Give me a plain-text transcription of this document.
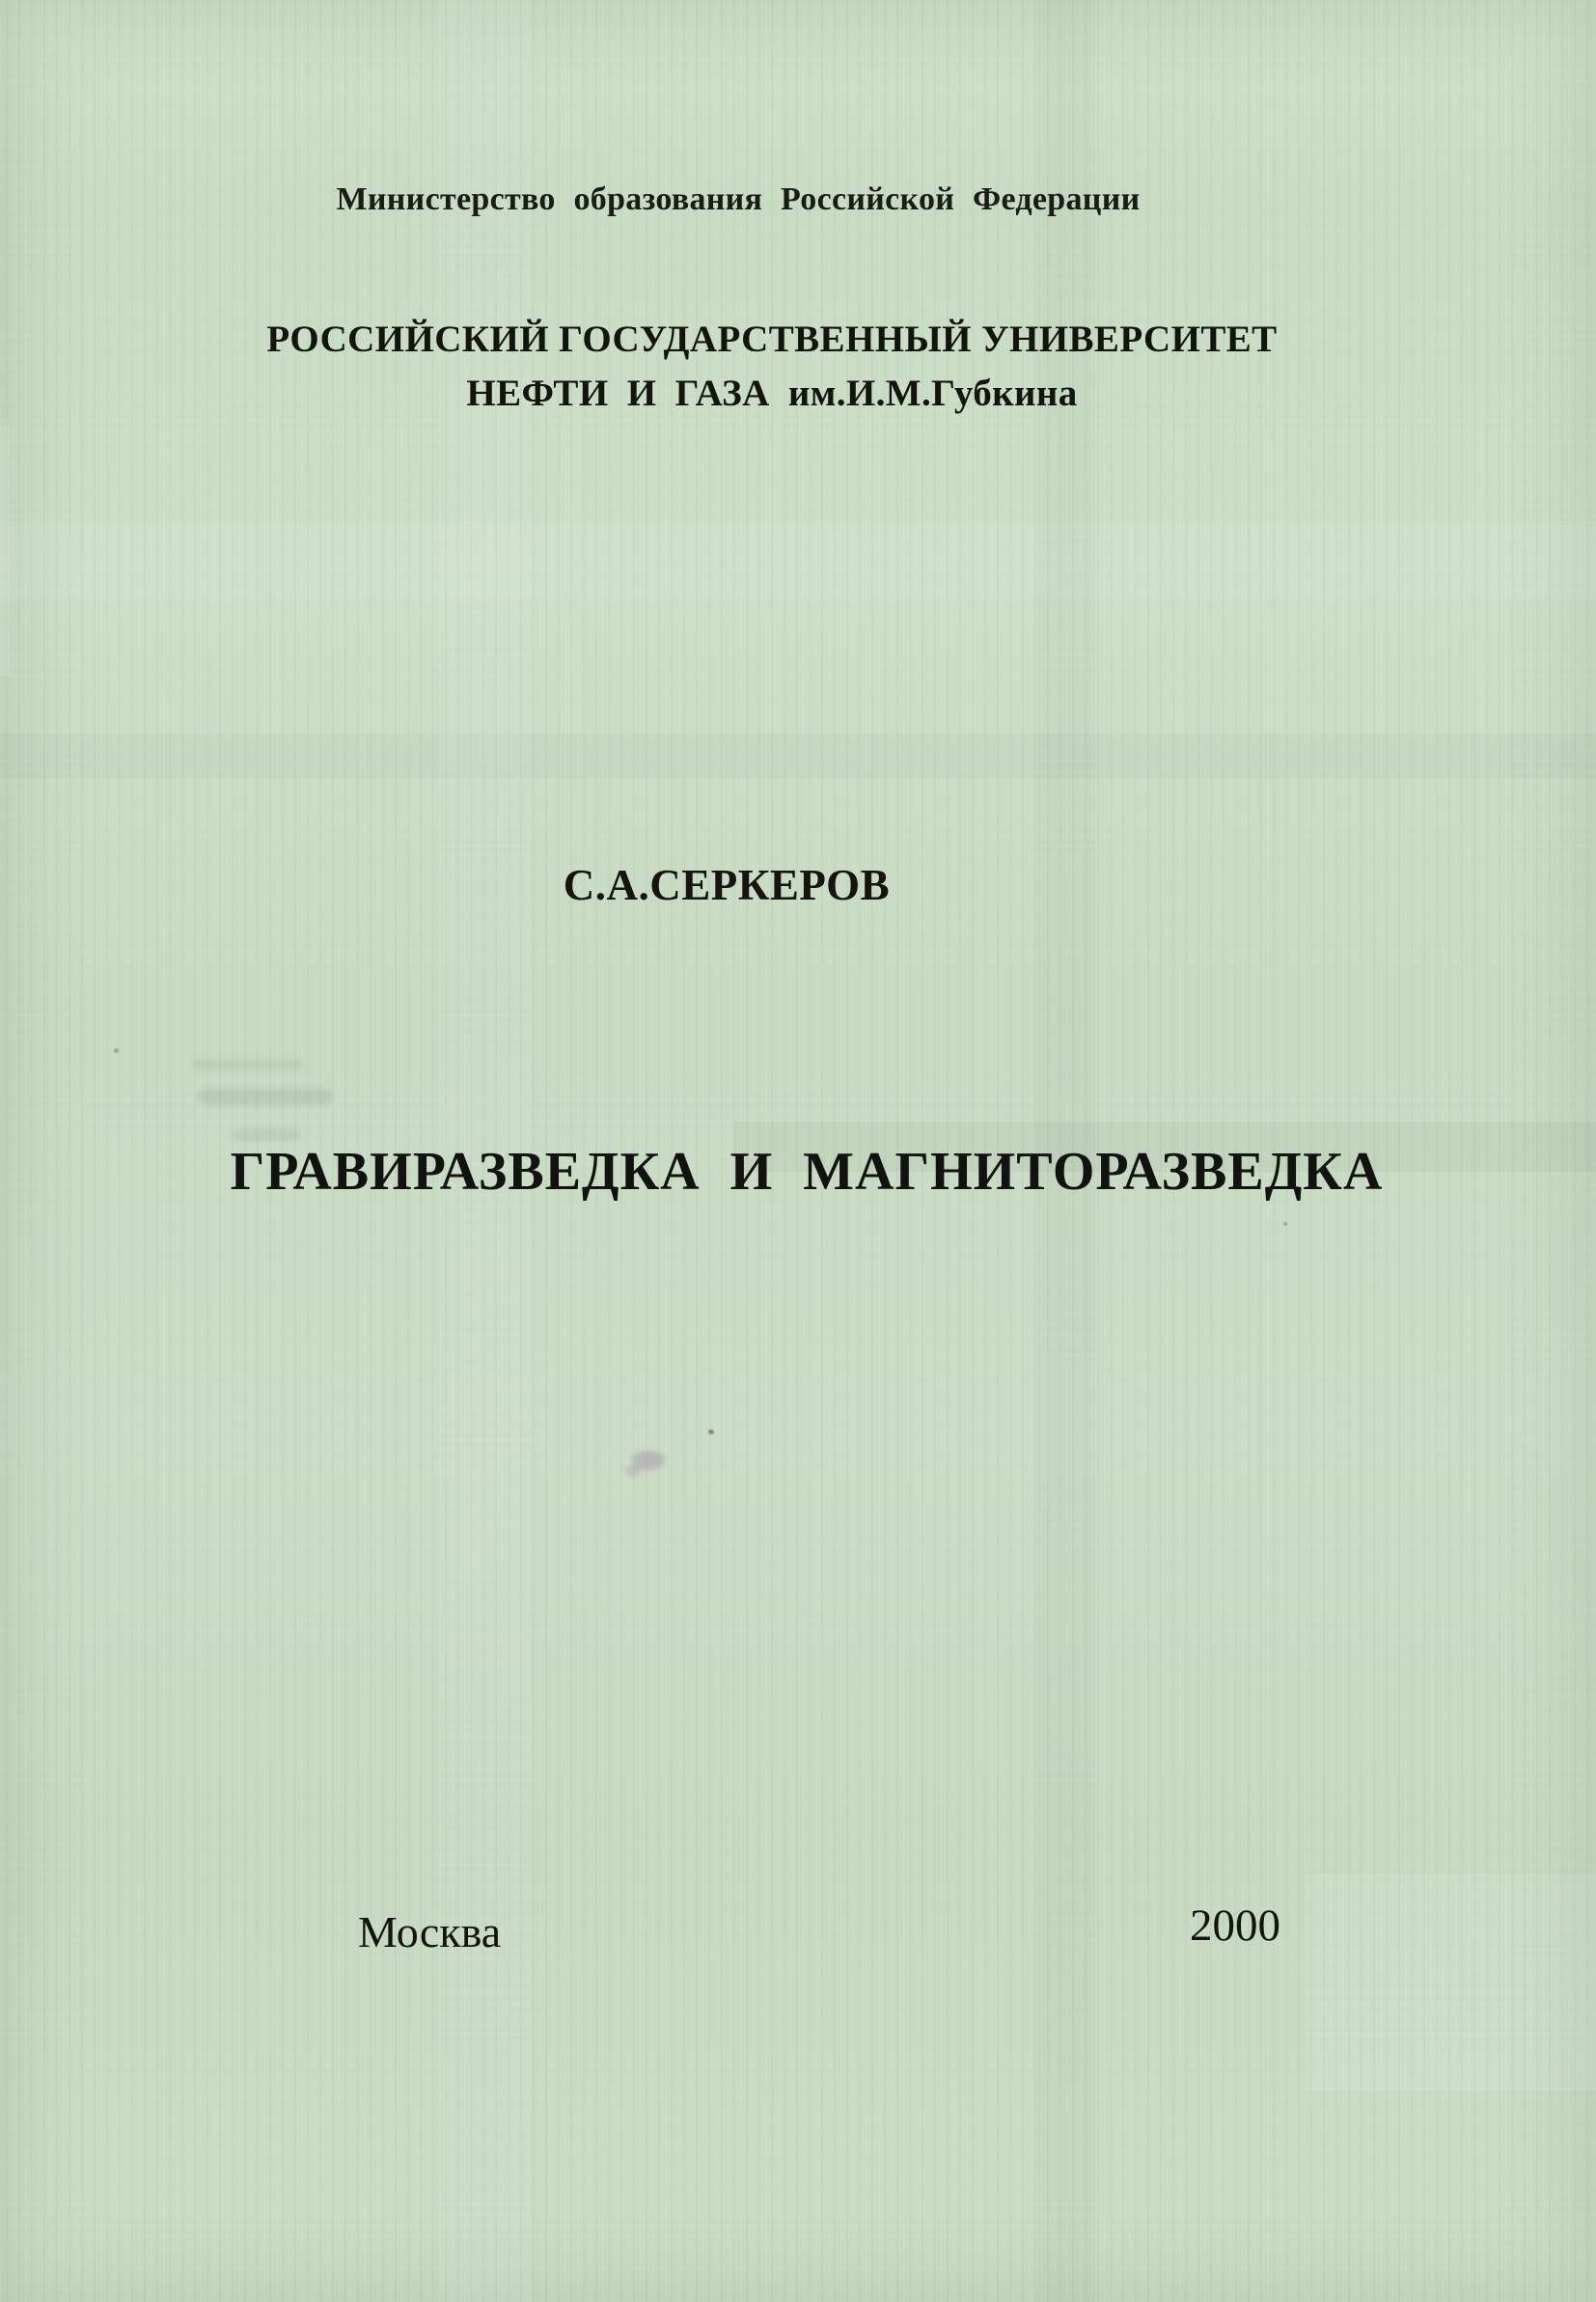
Министерство образования Российской Федерации
РОССИЙСКИЙ ГОСУДАРСТВЕННЫЙ УНИВЕРСИТЕТ
НЕФТИ И ГАЗА им.И.М.Губкина
С.А.СЕРКЕРОВ
ГРАВИРАЗВЕДКА И МАГНИТОРАЗВЕДКА
Москва	2000
